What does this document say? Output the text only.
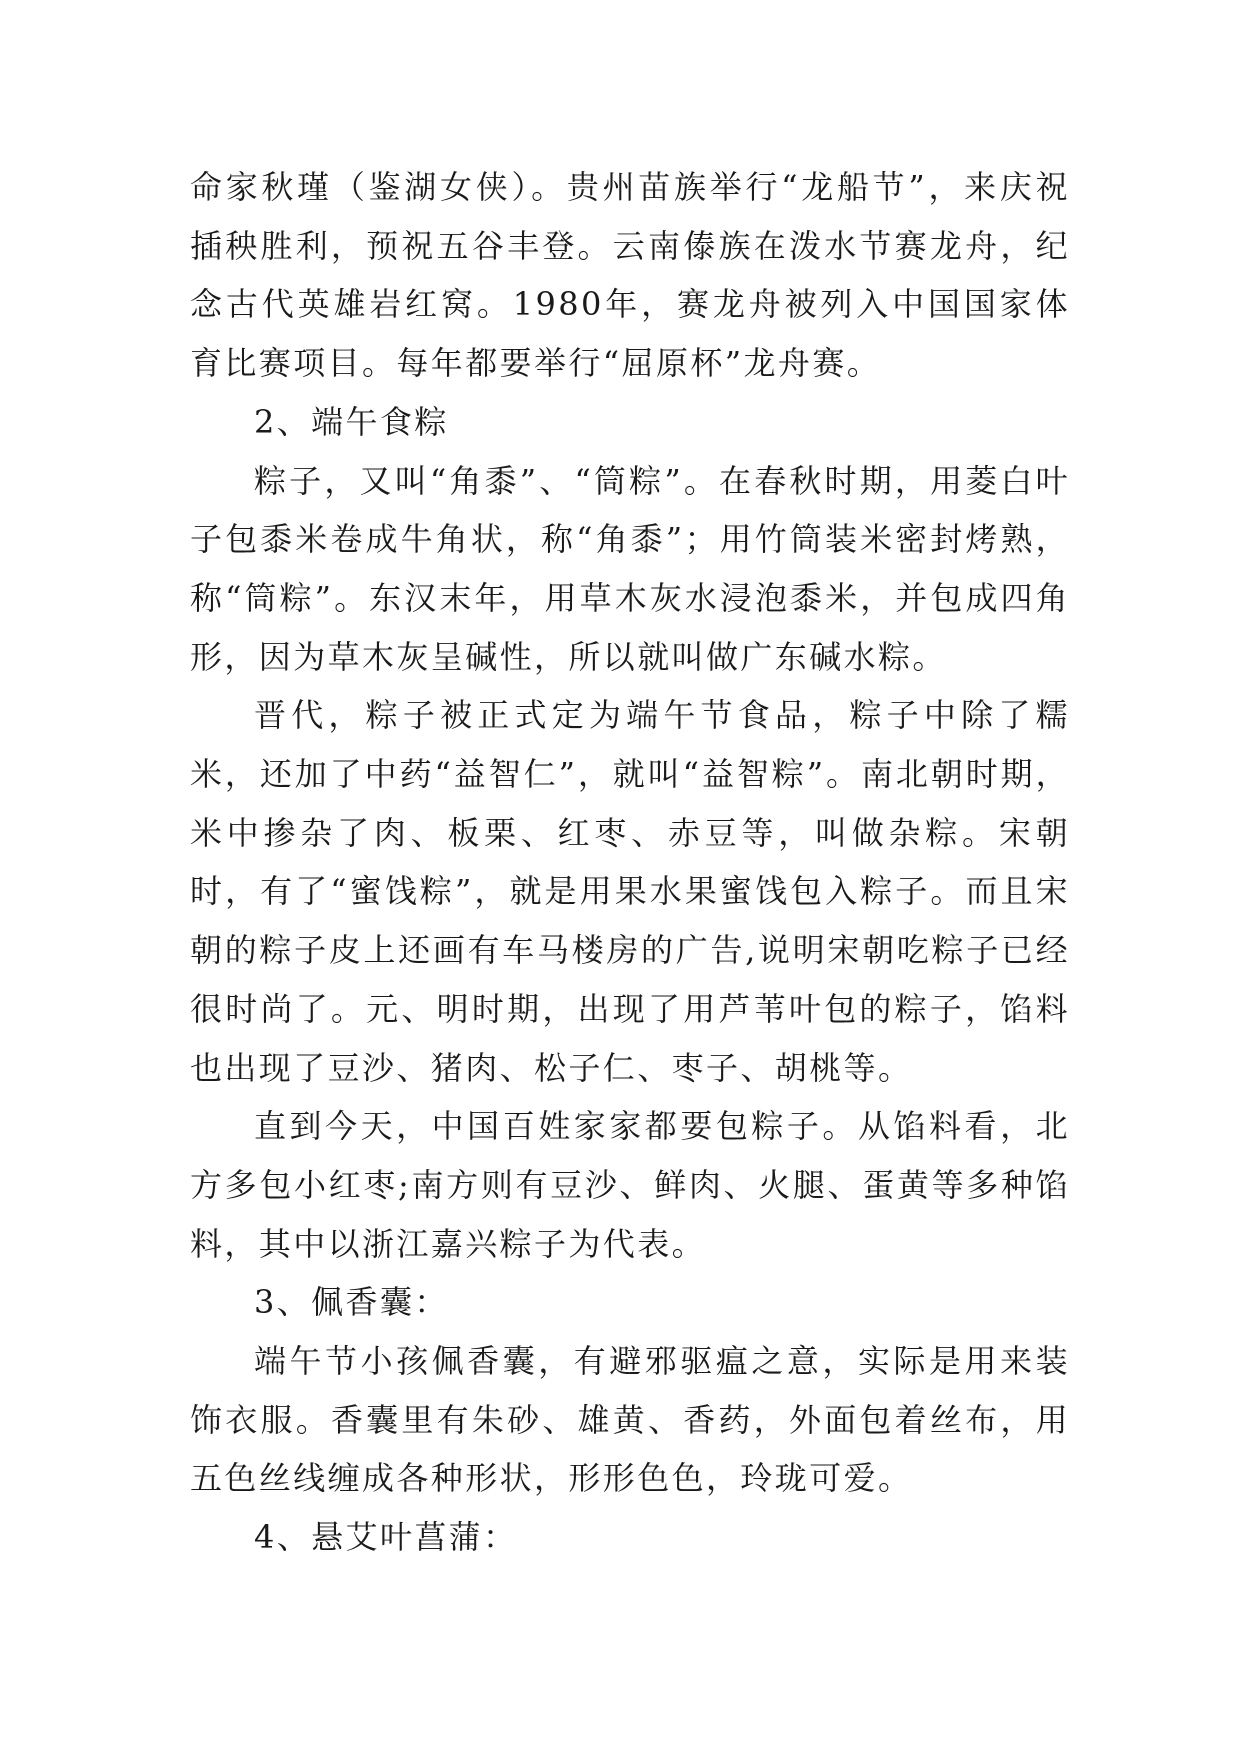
命家秋瑾（鉴湖女侠）。贵州苗族举行“龙船节”，来庆祝插秧胜利，预祝五谷丰登。云南傣族在泼水节赛龙舟，纪念古代英雄岩红窝。1980年，赛龙舟被列入中国国家体育比赛项目。每年都要举行“屈原杯”龙舟赛。

2、端午食粽

粽子，又叫“角黍”、“筒粽”。在春秋时期，用菱白叶子包黍米卷成牛角状，称“角黍”；用竹筒装米密封烤熟，称“筒粽”。东汉末年，用草木灰水浸泡黍米，并包成四角形，因为草木灰呈碱性，所以就叫做广东碱水粽。

晋代，粽子被正式定为端午节食品，粽子中除了糯米，还加了中药“益智仁”，就叫“益智粽”。南北朝时期，米中掺杂了肉、板栗、红枣、赤豆等，叫做杂粽。宋朝时，有了“蜜饯粽”，就是用果水果蜜饯包入粽子。而且宋朝的粽子皮上还画有车马楼房的广告,说明宋朝吃粽子已经很时尚了。元、明时期，出现了用芦苇叶包的粽子，馅料也出现了豆沙、猪肉、松子仁、枣子、胡桃等。

直到今天，中国百姓家家都要包粽子。从馅料看，北方多包小红枣;南方则有豆沙、鲜肉、火腿、蛋黄等多种馅料，其中以浙江嘉兴粽子为代表。

3、佩香囊：

端午节小孩佩香囊，有避邪驱瘟之意，实际是用来装饰衣服。香囊里有朱砂、雄黄、香药，外面包着丝布，用五色丝线缠成各种形状，形形色色，玲珑可爱。

4、悬艾叶菖蒲：
